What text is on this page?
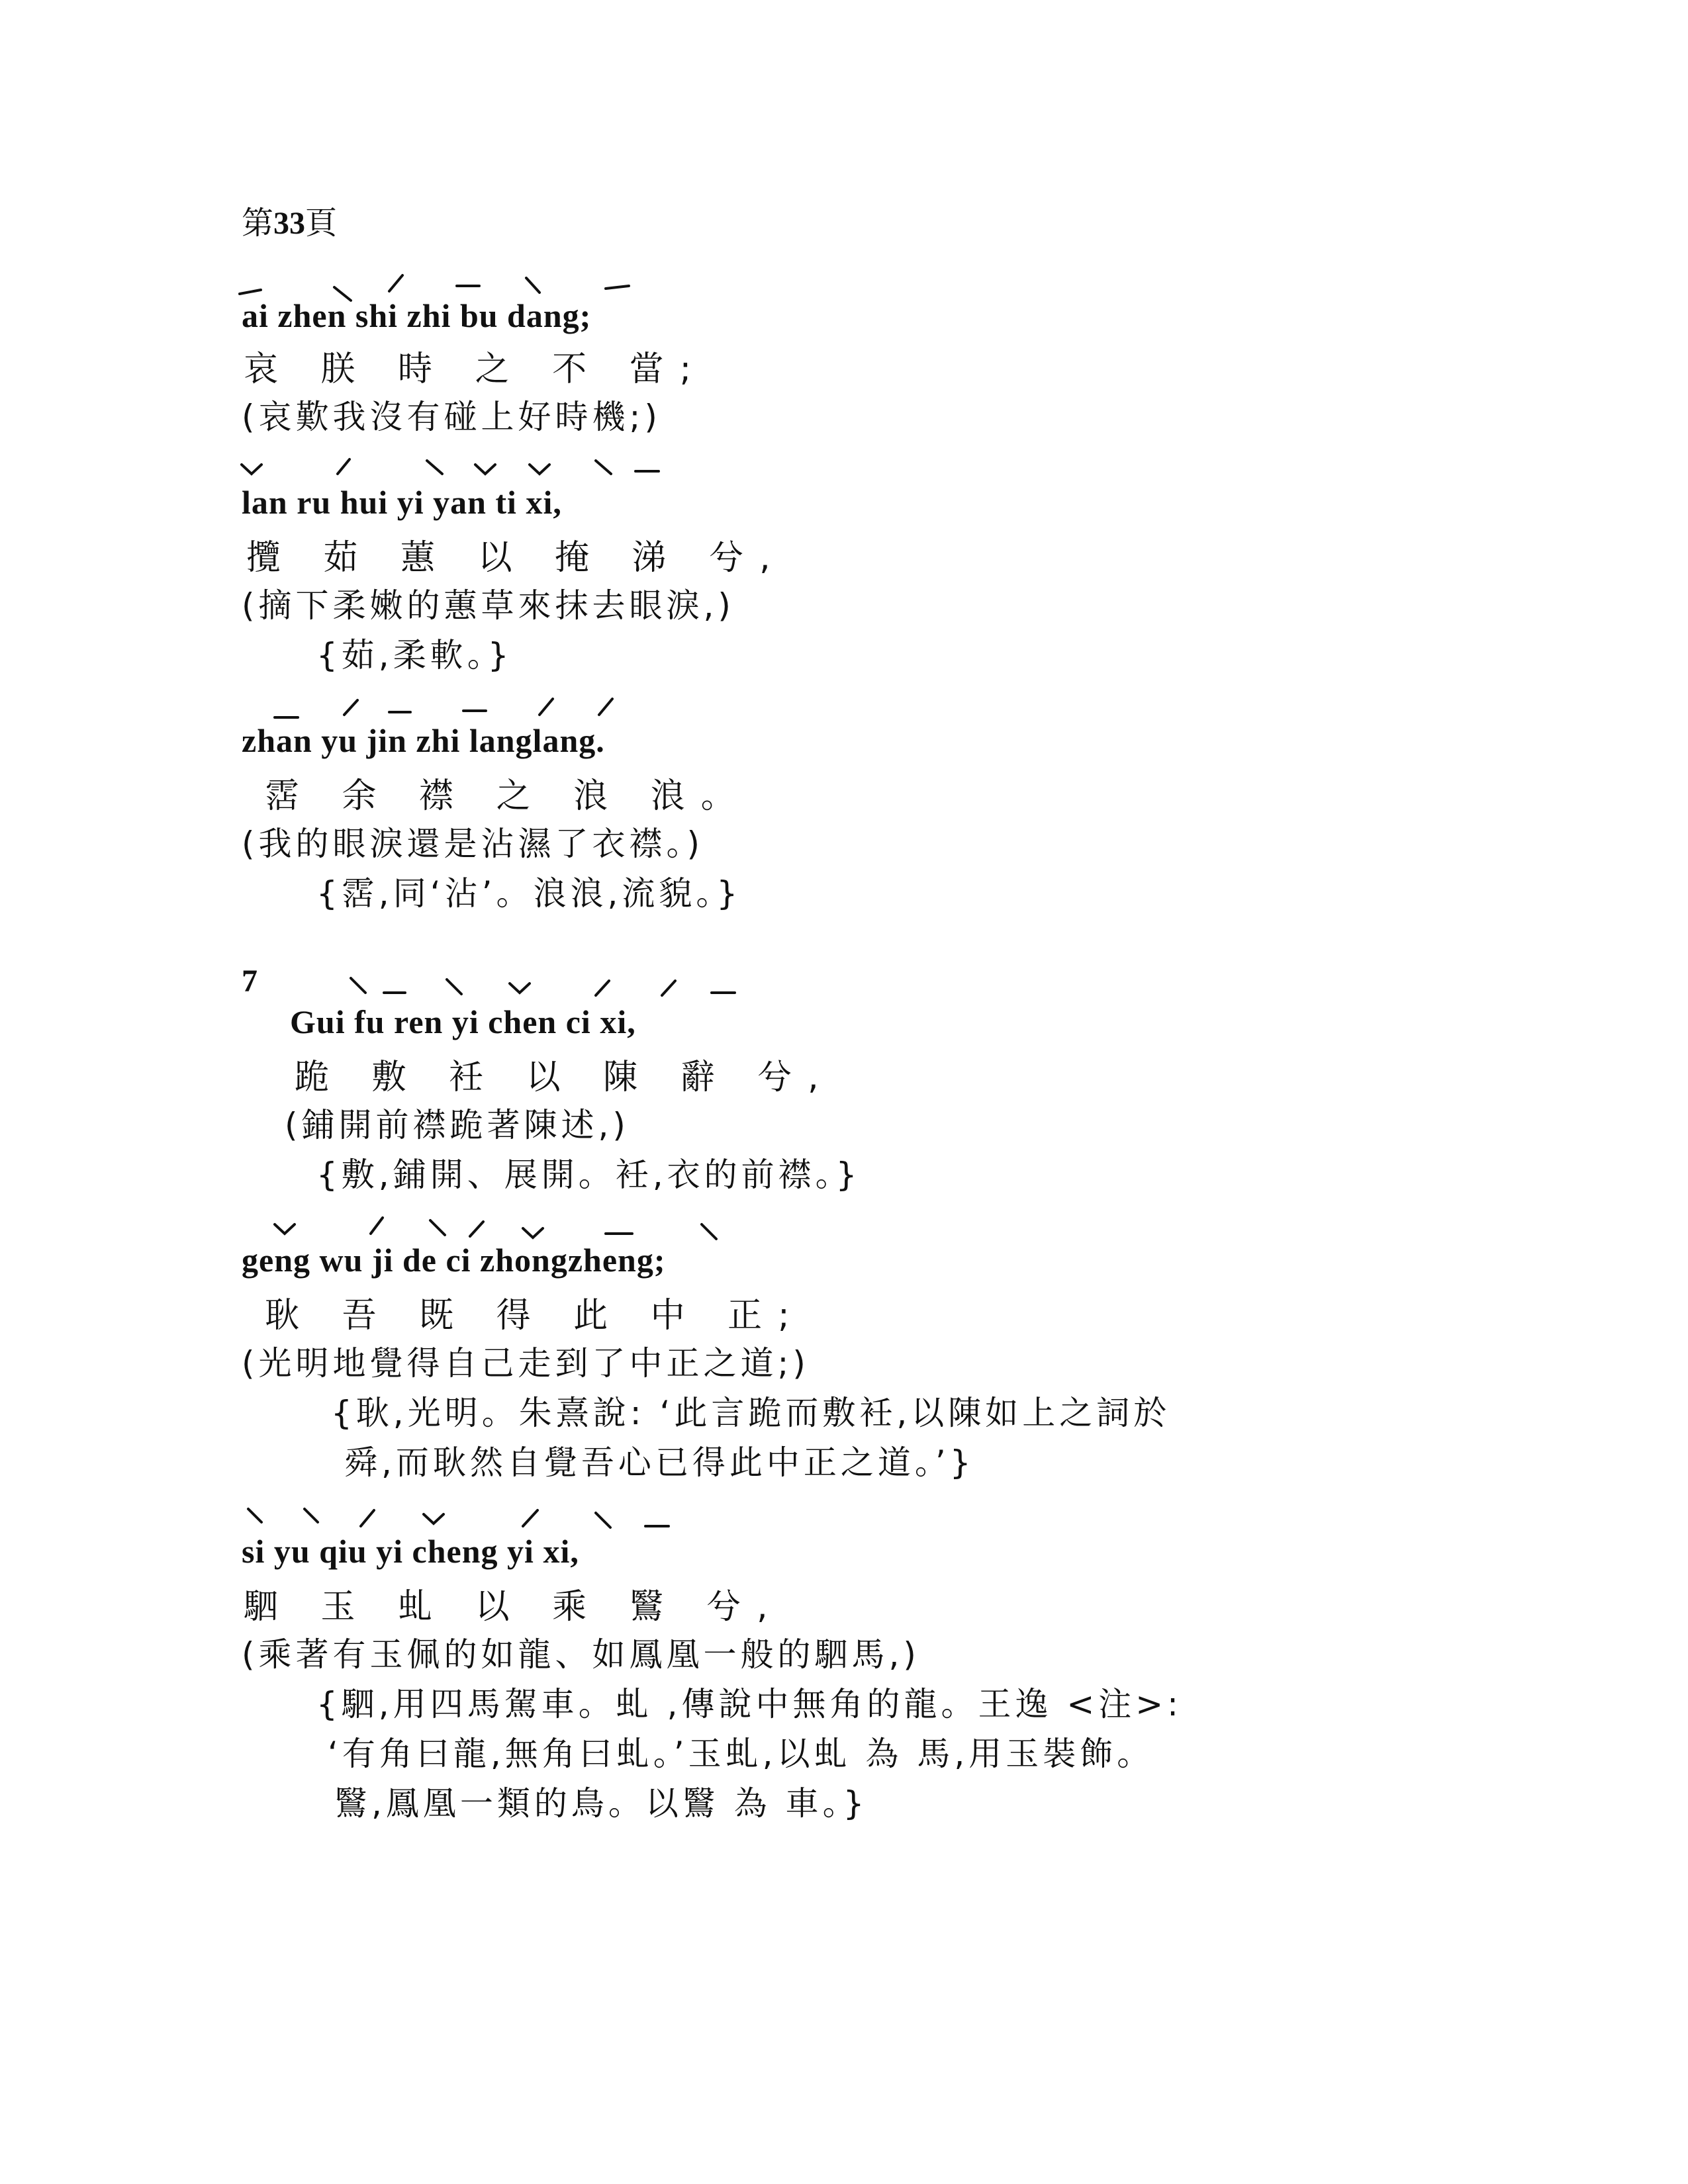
第33頁
ai zhen shi zhi bu dang;
哀 朕 時 之 不 當;
(哀歎我沒有碰上好時機;)
lan ru hui yi yan ti xi,
攬 茹 蕙 以 掩 涕 兮,
(摘下柔嫩的蕙草來抹去眼淚,)
{茹,柔軟。}
zhan yu jin zhi langlang.
霑 余 襟 之 浪 浪。
(我的眼淚還是沾濕了衣襟。)
{霑,同‘沾’。浪浪,流貌。}
7
Gui fu ren yi chen ci xi,
跪 敷 衽 以 陳 辭 兮,
(鋪開前襟跪著陳述,)
{敷,鋪開、展開。衽,衣的前襟。}
geng wu ji de ci zhongzheng;
耿 吾 既 得 此 中 正;
(光明地覺得自己走到了中正之道;)
{耿,光明。朱熹說: ‘此言跪而敷衽,以陳如上之詞於
舜,而耿然自覺吾心已得此中正之道。’}
si yu qiu yi cheng yi xi,
駟 玉 虬 以 乘 鷖 兮,
(乘著有玉佩的如龍、如鳳凰一般的駟馬,)
{駟,用四馬駕車。虬 ,傳說中無角的龍。王逸 <注>:
‘有角曰龍,無角曰虬。’玉虬,以虬 為 馬,用玉裝飾。
鷖,鳳凰一類的鳥。以鷖 為 車。}
